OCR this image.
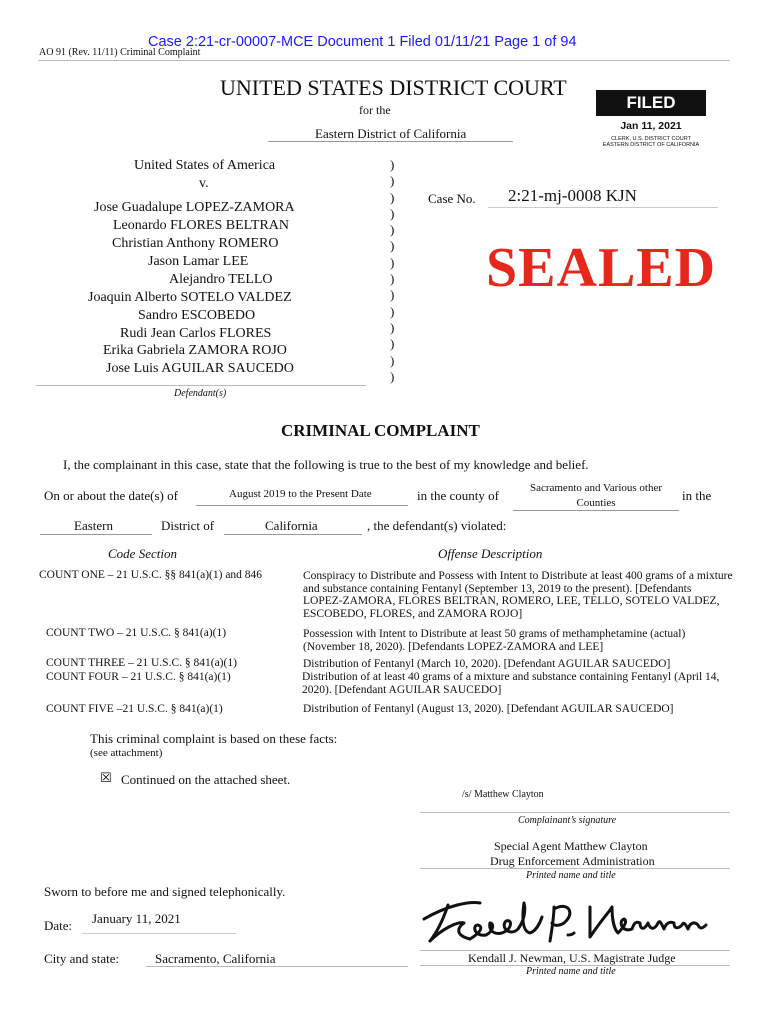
AO 91 (Rev. 11/11) Criminal Complaint
Case 2:21-cr-00007-MCE Document 1 Filed 01/11/21 Page 1 of 94
UNITED STATES DISTRICT COURT
for the
Eastern District of California
FILED
Jan 11, 2021
CLERK, U.S. DISTRICT COURT
EASTERN DISTRICT OF CALIFORNIA
United States of America
v.
Jose Guadalupe LOPEZ-ZAMORA
Leonardo FLORES BELTRAN
Christian Anthony ROMERO
Jason Lamar LEE
Alejandro TELLO
Joaquin Alberto SOTELO VALDEZ
Sandro ESCOBEDO
Rudi Jean Carlos FLORES
Erika Gabriela ZAMORA ROJO
Jose Luis AGUILAR SAUCEDO
Defendant(s)
)
)
)
)
)
)
)
)
)
)
)
)
)
)
Case No. 2:21-mj-0008 KJN
SEALED
CRIMINAL COMPLAINT
I, the complainant in this case, state that the following is true to the best of my knowledge and belief.
On or about the date(s) of	August 2019 to the Present Date	in the county of	Sacramento and Various other Counties	in the
Eastern	District of	California	, the defendant(s) violated:
Code Section	Offense Description
COUNT ONE – 21 U.S.C. §§ 841(a)(1) and 846	Conspiracy to Distribute and Possess with Intent to Distribute at least 400 grams of a mixture and substance containing Fentanyl (September 13, 2019 to the present). [Defendants LOPEZ-ZAMORA, FLORES BELTRAN, ROMERO, LEE, TELLO, SOTELO VALDEZ, ESCOBEDO, FLORES, and ZAMORA ROJO]
COUNT TWO – 21 U.S.C. § 841(a)(1)	Possession with Intent to Distribute at least 50 grams of methamphetamine (actual) (November 18, 2020). [Defendants LOPEZ-ZAMORA and LEE]
COUNT THREE – 21 U.S.C. § 841(a)(1)	Distribution of Fentanyl (March 10, 2020). [Defendant AGUILAR SAUCEDO]
COUNT FOUR – 21 U.S.C. § 841(a)(1)	Distribution of at least 40 grams of a mixture and substance containing Fentanyl (April 14, 2020). [Defendant AGUILAR SAUCEDO]
COUNT FIVE –21 U.S.C. § 841(a)(1)	Distribution of Fentanyl (August 13, 2020). [Defendant AGUILAR SAUCEDO]
This criminal complaint is based on these facts:
(see attachment)
☒ Continued on the attached sheet.
/s/ Matthew Clayton
Complainant’s signature
Special Agent Matthew Clayton
Drug Enforcement Administration
Printed name and title
Sworn to before me and signed telephonically.
Date: January 11, 2021
City and state:	Sacramento, California	Kendall J. Newman, U.S. Magistrate Judge
Printed name and title
